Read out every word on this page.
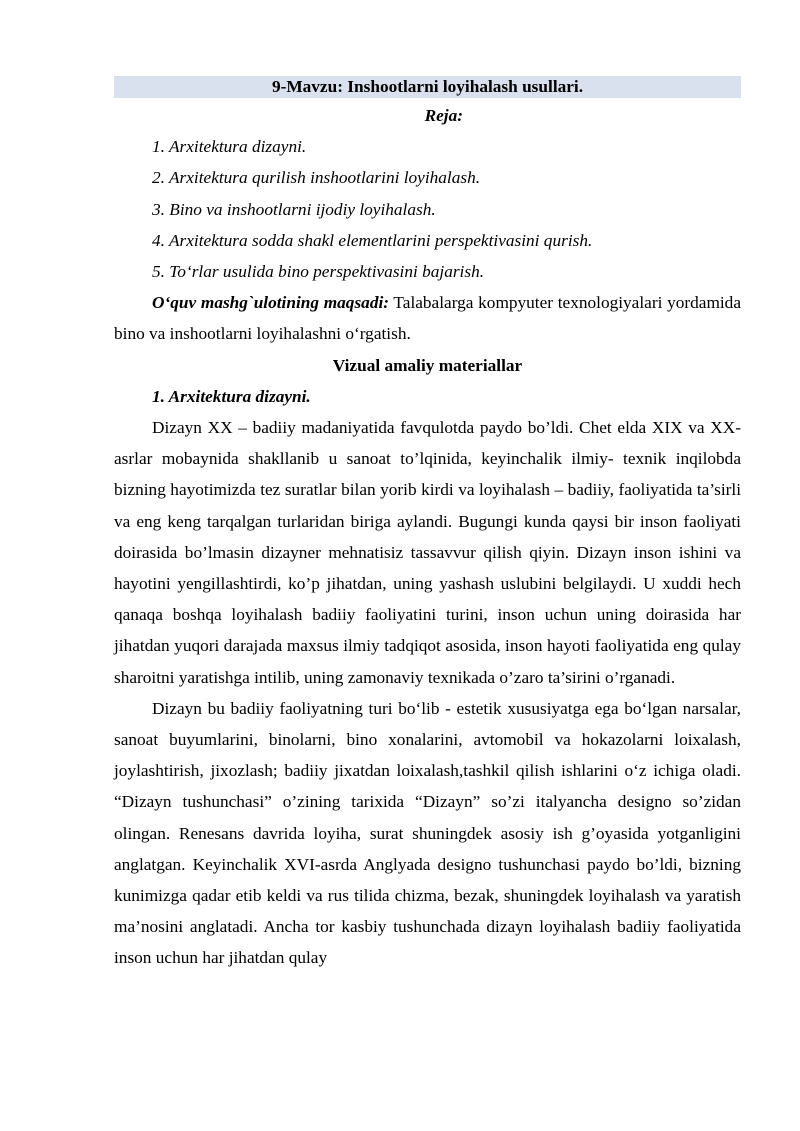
9-Mavzu: Inshootlarni loyihalash usullari.
Reja:
1. Arxitektura dizayni.
2. Arxitektura qurilish inshootlarini loyihalash.
3. Bino va inshootlarni ijodiy loyihalash.
4. Arxitektura sodda shakl elementlarini perspektivasini qurish.
5. To‘rlar usulida bino perspektivasini bajarish.

O‘quv mashg`ulotining maqsadi: Talabalarga kompyuter texnologiyalari yordamida bino va inshootlarni loyihalashni o‘rgatish.

Vizual amaliy materiallar
1. Arxitektura dizayni.

Dizayn XX – badiiy madaniyatida favqulotda paydo bo’ldi. Chet elda XIX va XX-asrlar mobaynida shakllanib u sanoat to’lqinida, keyinchalik ilmiy- texnik inqilobda bizning hayotimizda tez suratlar bilan yorib kirdi va loyihalash – badiiy, faoliyatida ta’sirli va eng keng tarqalgan turlaridan biriga aylandi. Bugungi kunda qaysi bir inson faoliyati doirasida bo’lmasin dizayner mehnatisiz tassavvur qilish qiyin. Dizayn inson ishini va hayotini yengillashtirdi, ko’p jihatdan, uning yashash uslubini belgilaydi. U xuddi hech qanaqa boshqa loyihalash badiiy faoliyatini turini, inson uchun uning doirasida har jihatdan yuqori darajada maxsus ilmiy tadqiqot asosida, inson hayoti faoliyatida eng qulay sharoitni yaratishga intilib, uning zamonaviy texnikada o’zaro ta’sirini o’rganadi.

Dizayn bu badiiy faoliyatning turi bo‘lib - estetik xususiyatga ega bo‘lgan narsalar, sanoat buyumlarini, binolarni, bino xonalarini, avtomobil va hokazolarni loixalash, joylashtirish, jixozlash; badiiy jixatdan loixalash,tashkil qilish ishlarini o‘z ichiga oladi. “Dizayn tushunchasi” o’zining tarixida “Dizayn” so’zi italyancha designo so’zidan olingan. Renesans davrida loyiha, surat shuningdek asosiy ish g’oyasida yotganligini anglatgan. Keyinchalik XVI-asrda Anglyada designo tushunchasi paydo bo’ldi, bizning kunimizga qadar etib keldi va rus tilida chizma, bezak, shuningdek loyihalash va yaratish ma’nosini anglatadi. Ancha tor kasbiy tushunchada dizayn loyihalash badiiy faoliyatida inson uchun har jihatdan qulay
